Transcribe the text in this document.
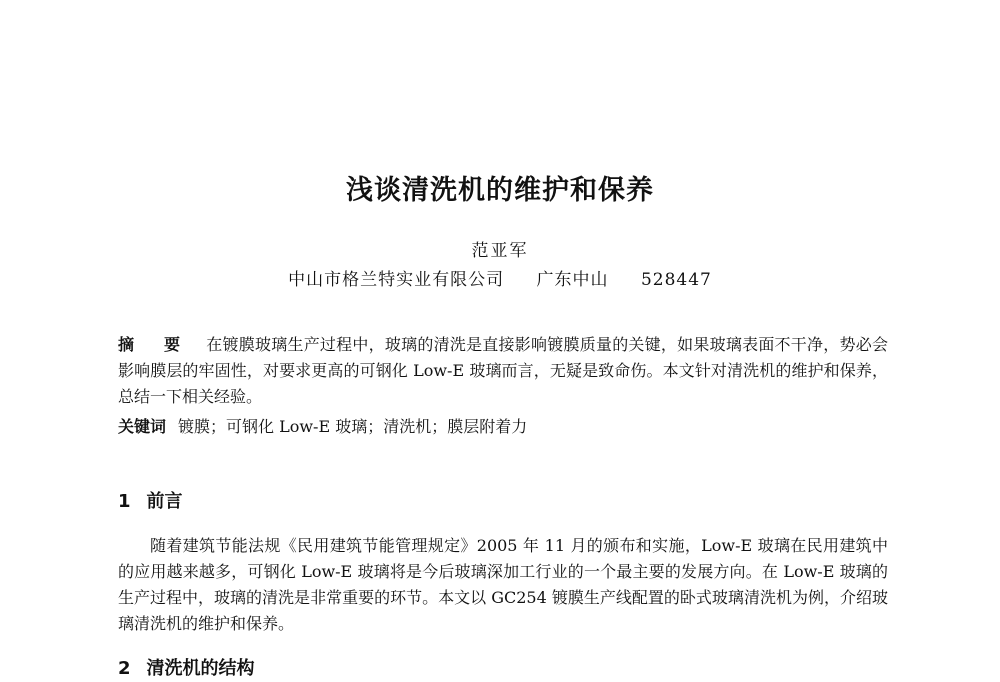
浅谈清洗机的维护和保养
范亚军
中山市格兰特实业有限公司 广东中山 528447
摘 要 在镀膜玻璃生产过程中，玻璃的清洗是直接影响镀膜质量的关键，如果玻璃表面不干净，势必会影响膜层的牢固性，对要求更高的可钢化 Low-E 玻璃而言，无疑是致命伤。本文针对清洗机的维护和保养，总结一下相关经验。
关键词 镀膜；可钢化 Low-E 玻璃；清洗机；膜层附着力
1 前言
随着建筑节能法规《民用建筑节能管理规定》2005 年 11 月的颁布和实施，Low-E 玻璃在民用建筑中的应用越来越多，可钢化 Low-E 玻璃将是今后玻璃深加工行业的一个最主要的发展方向。在 Low-E 玻璃的生产过程中，玻璃的清洗是非常重要的环节。本文以 GC254 镀膜生产线配置的卧式玻璃清洗机为例，介绍玻璃清洗机的维护和保养。
2 清洗机的结构
